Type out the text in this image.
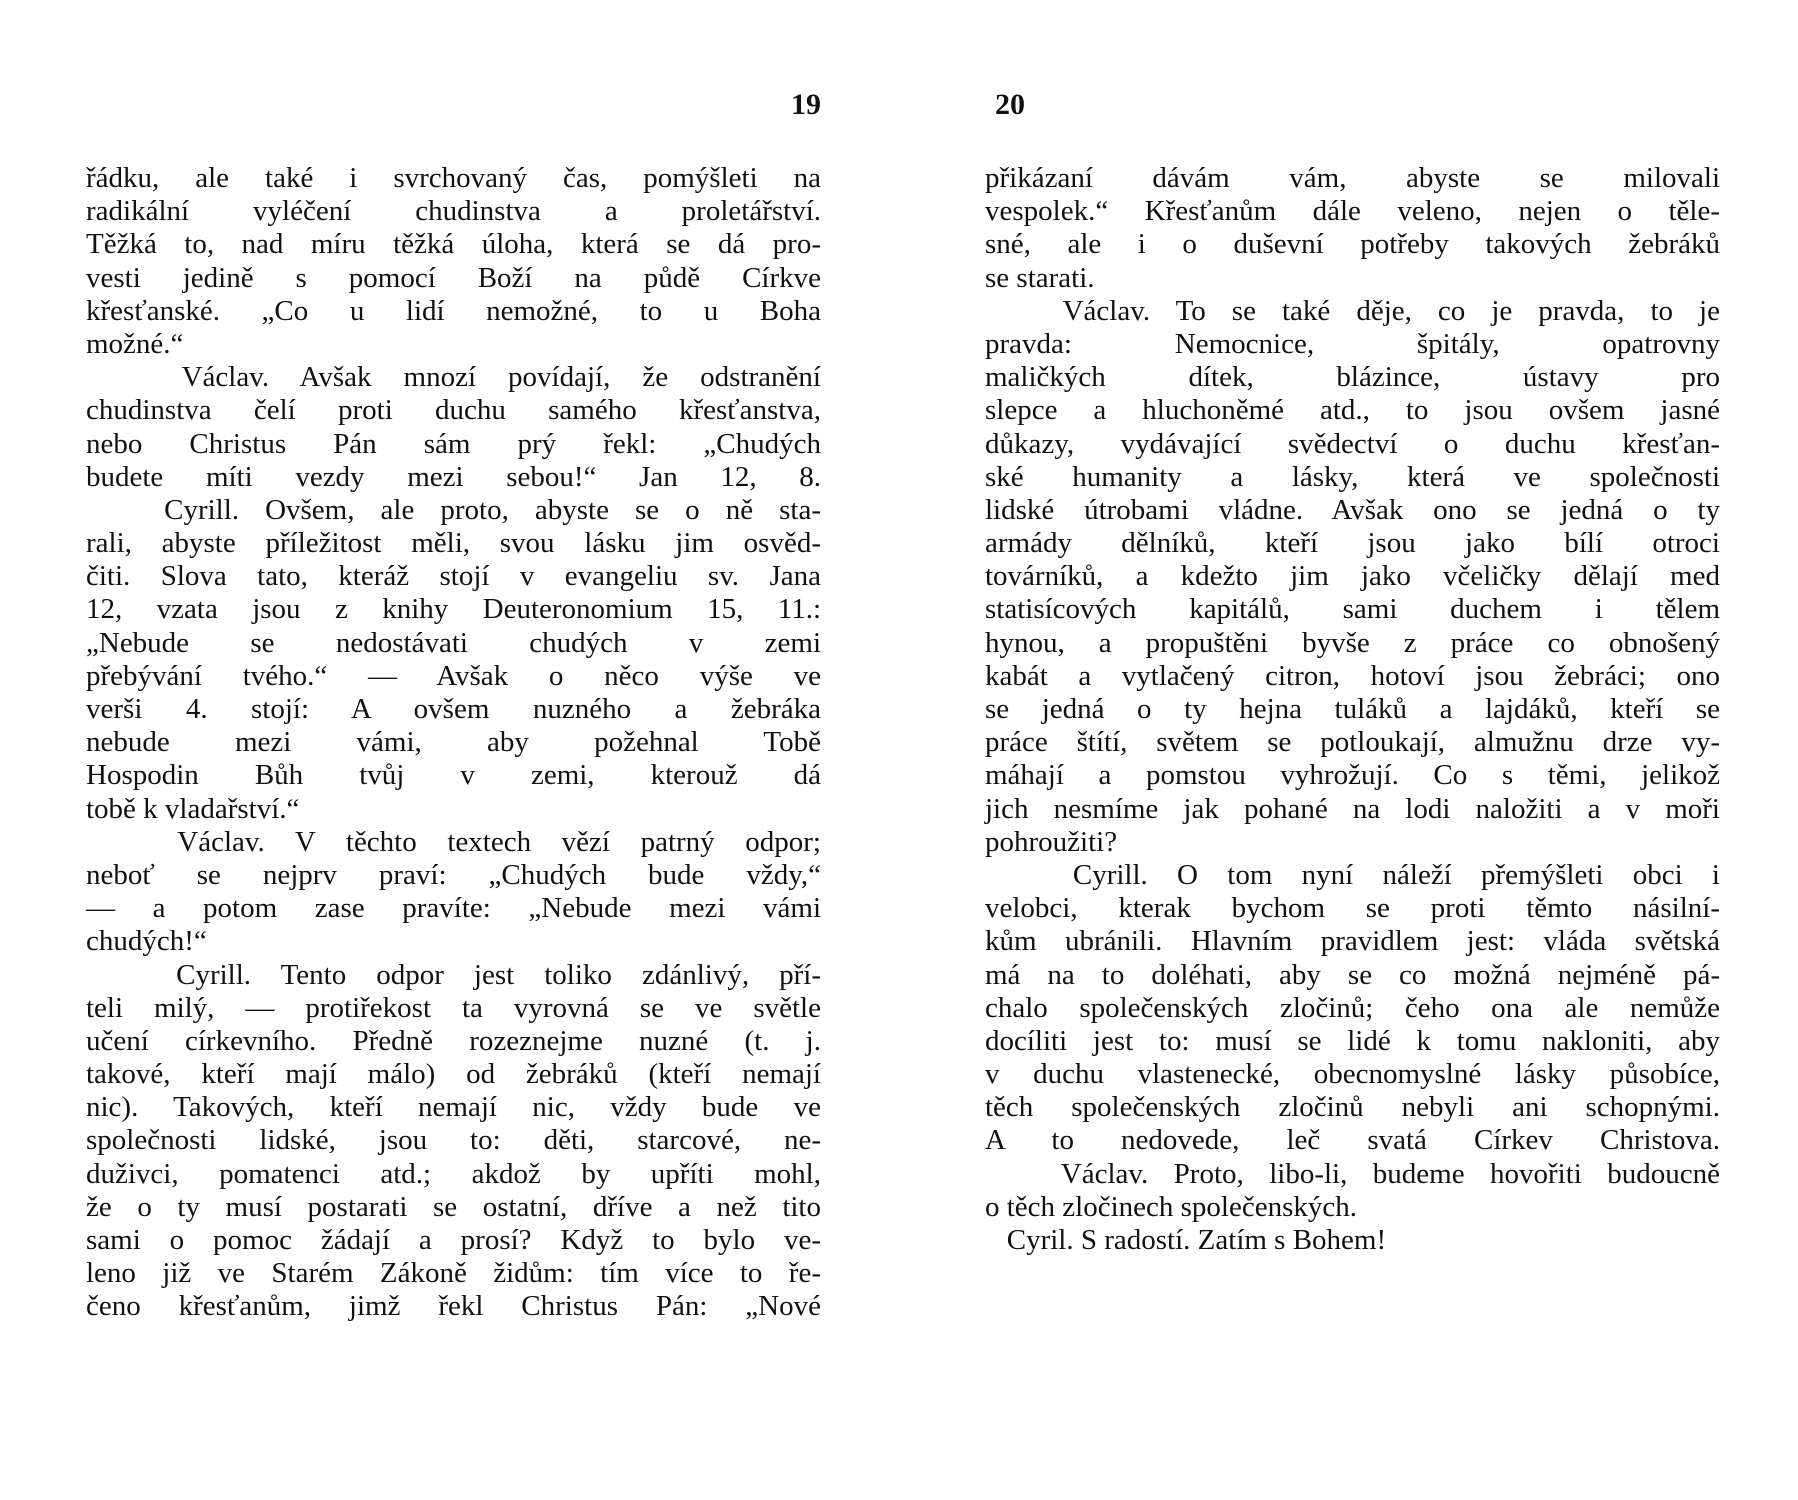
19
řádku, ale také i svrchovaný čas, pomýšleti na
radikální vyléčení chudinstva a proletářství.
Těžká to, nad míru těžká úloha, která se dá pro-
vesti jedině s pomocí Boží na půdě Církve
křesťanské. „Co u lidí nemožné, to u Boha
možné.“
Václav. Avšak mnozí povídají, že odstranění
chudinstva čelí proti duchu samého křesťanstva,
nebo Christus Pán sám prý řekl: „Chudých
budete míti vezdy mezi sebou!“ Jan 12, 8.
Cyrill. Ovšem, ale proto, abyste se o ně sta-
rali, abyste příležitost měli, svou lásku jim osvěd-
čiti. Slova tato, kteráž stojí v evangeliu sv. Jana
12, vzata jsou z knihy Deuteronomium 15, 11.:
„Nebude se nedostávati chudých v zemi
přebývání tvého.“ — Avšak o něco výše ve
verši 4. stojí: A ovšem nuzného a žebráka
nebude mezi vámi, aby požehnal Tobě
Hospodin Bůh tvůj v zemi, kterouž dá
tobě k vladařství.“
Václav. V těchto textech vězí patrný odpor;
neboť se nejprv praví: „Chudých bude vždy,“
— a potom zase pravíte: „Nebude mezi vámi
chudých!“
Cyrill. Tento odpor jest toliko zdánlivý, pří-
teli milý, — protiřekost ta vyrovná se ve světle
učení církevního. Předně rozeznejme nuzné (t. j.
takové, kteří mají málo) od žebráků (kteří nemají
nic). Takových, kteří nemají nic, vždy bude ve
společnosti lidské, jsou to: děti, starcové, ne-
duživci, pomatenci atd.; akdož by upříti mohl,
že o ty musí postarati se ostatní, dříve a než tito
sami o pomoc žádají a prosí? Když to bylo ve-
leno již ve Starém Zákoně židům: tím více to ře-
čeno křesťanům, jimž řekl Christus Pán: „Nové
20
přikázaní dávám vám, abyste se milovali
vespolek.“ Křesťanům dále veleno, nejen o těle-
sné, ale i o duševní potřeby takových žebráků
se starati.
Václav. To se také děje, co je pravda, to je
pravda: Nemocnice, špitály, opatrovny
maličkých dítek, blázince, ústavy pro
slepce a hluchoněmé atd., to jsou ovšem jasné
důkazy, vydávající svědectví o duchu křesťan-
ské humanity a lásky, která ve společnosti
lidské útrobami vládne. Avšak ono se jedná o ty
armády dělníků, kteří jsou jako bílí otroci
továrníků, a kdežto jim jako včeličky dělají med
statisícových kapitálů, sami duchem i tělem
hynou, a propuštěni byvše z práce co obnošený
kabát a vytlačený citron, hotoví jsou žebráci; ono
se jedná o ty hejna tuláků a lajdáků, kteří se
práce štítí, světem se potloukají, almužnu drze vy-
máhají a pomstou vyhrožují. Co s těmi, jelikož
jich nesmíme jak pohané na lodi naložiti a v moři
pohroužiti?
Cyrill. O tom nyní náleží přemýšleti obci i
velobci, kterak bychom se proti těmto násilní-
kům ubránili. Hlavním pravidlem jest: vláda světská
má na to doléhati, aby se co možná nejméně pá-
chalo společenských zločinů; čeho ona ale nemůže
docíliti jest to: musí se lidé k tomu nakloniti, aby
v duchu vlastenecké, obecnomyslné lásky působíce,
těch společenských zločinů nebyli ani schopnými.
A to nedovede, leč svatá Církev Christova.
Václav. Proto, libo-li, budeme hovořiti budoucně
o těch zločinech společenských.
Cyril. S radostí. Zatím s Bohem!
